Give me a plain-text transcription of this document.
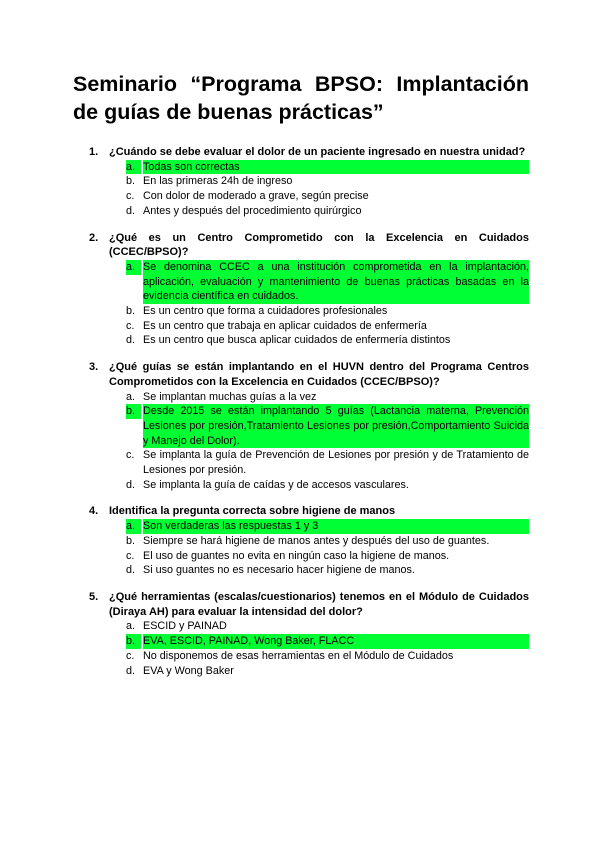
Seminario “Programa BPSO: Implantación de guías de buenas prácticas”
1. ¿Cuándo se debe evaluar el dolor de un paciente ingresado en nuestra unidad?

a. Todas son correctas
b. En las primeras 24h de ingreso
c. Con dolor de moderado a grave, según precise
d. Antes y después del procedimiento quirúrgico
2. ¿Qué es un Centro Comprometido con la Excelencia en Cuidados (CCEC/BPSO)?

a. Se denomina CCEC a una institución comprometida en la implantación, aplicación, evaluación y mantenimiento de buenas prácticas basadas en la evidencia científica en cuidados.
b. Es un centro que forma a cuidadores profesionales
c. Es un centro que trabaja en aplicar cuidados de enfermería
d. Es un centro que busca aplicar cuidados de enfermería distintos
3. ¿Qué guías se están implantando en el HUVN dentro del Programa Centros Comprometidos con la Excelencia en Cuidados (CCEC/BPSO)?

a. Se implantan muchas guías a la vez
b. Desde 2015 se están implantando 5 guías (Lactancia materna, Prevención Lesiones por presión,Tratamiento Lesiones por presión,Comportamiento Suicida y Manejo del Dolor).
c. Se implanta la guía de Prevención de Lesiones por presión y de Tratamiento de Lesiones por presión.
d. Se implanta la guía de caídas y de accesos vasculares.
4. Identifica la pregunta correcta sobre higiene de manos

a. Son verdaderas las respuestas 1 y 3
b. Siempre se hará higiene de manos antes y después del uso de guantes.
c. El uso de guantes no evita en ningún caso la higiene de manos.
d. Si uso guantes no es necesario hacer higiene de manos.
5. ¿Qué herramientas (escalas/cuestionarios) tenemos en el Módulo de Cuidados (Diraya AH) para evaluar la intensidad del dolor?

a. ESCID y PAINAD
b. EVA, ESCID, PAINAD, Wong Baker, FLACC
c. No disponemos de esas herramientas en el Módulo de Cuidados
d. EVA y Wong Baker
